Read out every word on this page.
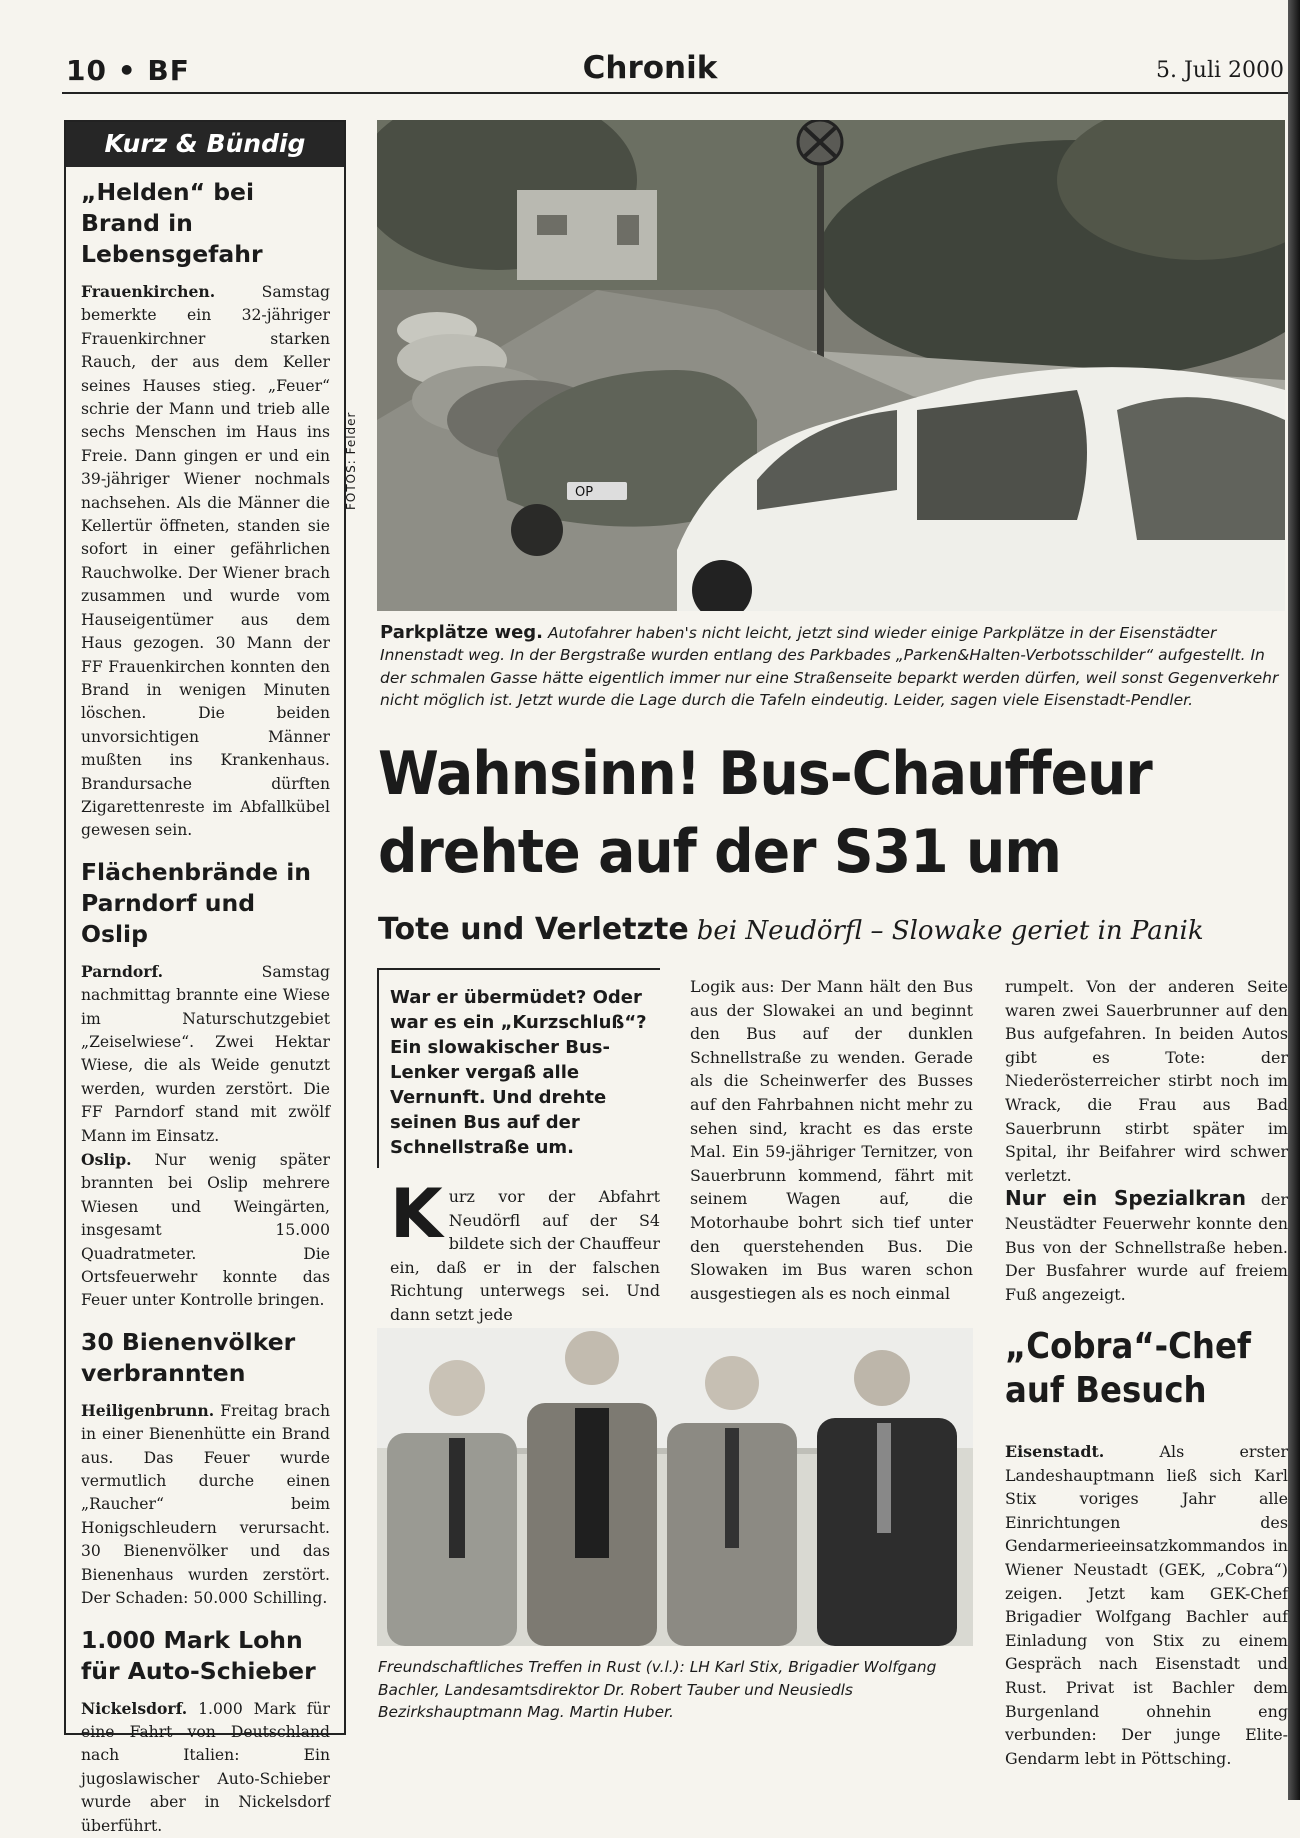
10 • BF	Chronik	5. Juli 2000
Kurz & Bündig
„Helden“ bei Brand in Lebensgefahr

Frauenkirchen. Samstag bemerkte ein 32-jähriger Frauenkirchner starken Rauch, der aus dem Keller seines Hauses stieg. „Feuer“ schrie der Mann und trieb alle sechs Menschen im Haus ins Freie. Dann gingen er und ein 39-jähriger Wiener nochmals nachsehen. Als die Männer die Kellertür öffneten, standen sie sofort in einer gefährlichen Rauchwolke. Der Wiener brach zusammen und wurde vom Hauseigentümer aus dem Haus gezogen. 30 Mann der FF Frauenkirchen konnten den Brand in wenigen Minuten löschen. Die beiden unvorsichtigen Männer mußten ins Krankenhaus. Brandursache dürften Zigarettenreste im Abfallkübel gewesen sein.

Flächenbrände in Parndorf und Oslip

Parndorf. Samstag nachmittag brannte eine Wiese im Naturschutzgebiet „Zeiselwiese“. Zwei Hektar Wiese, die als Weide genutzt werden, wurden zerstört. Die FF Parndorf stand mit zwölf Mann im Einsatz.
Oslip. Nur wenig später brannten bei Oslip mehrere Wiesen und Weingärten, insgesamt 15.000 Quadratmeter. Die Ortsfeuerwehr konnte das Feuer unter Kontrolle bringen.

30 Bienenvölker verbrannten

Heiligenbrunn. Freitag brach in einer Bienenhütte ein Brand aus. Das Feuer wurde vermutlich durche einen „Raucher“ beim Honigschleudern verursacht. 30 Bienenvölker und das Bienenhaus wurden zerstört. Der Schaden: 50.000 Schilling.

1.000 Mark Lohn für Auto-Schieber

Nickelsdorf. 1.000 Mark für eine Fahrt von Deutschland nach Italien: Ein jugoslawischer Auto-Schieber wurde aber in Nickelsdorf überführt.

OP
FOTOS: Felder
Parkplätze weg. Autofahrer haben's nicht leicht, jetzt sind wieder einige Parkplätze in der Eisenstädter Innenstadt weg. In der Bergstraße wurden entlang des Parkbades „Parken&Halten-Verbotsschilder“ aufgestellt. In der schmalen Gasse hätte eigentlich immer nur eine Straßenseite beparkt werden dürfen, weil sonst Gegenverkehr nicht möglich ist. Jetzt wurde die Lage durch die Tafeln eindeutig. Leider, sagen viele Eisenstadt-Pendler.
Wahnsinn! Bus-Chauffeur
drehte auf der S31 um
Tote und Verletzte bei Neudörfl – Slowake geriet in Panik
War er übermüdet? Oder war es ein „Kurzschluß“? Ein slowakischer Bus-Lenker vergaß alle Vernunft. Und drehte seinen Bus auf der Schnellstraße um.

Kurz vor der Abfahrt Neudörfl auf der S4 bildete sich der Chauffeur ein, daß er in der falschen Richtung unterwegs sei. Und dann setzt jede

Logik aus: Der Mann hält den Bus aus der Slowakei an und beginnt den Bus auf der dunklen Schnellstraße zu wenden. Gerade als die Scheinwerfer des Busses auf den Fahrbahnen nicht mehr zu sehen sind, kracht es das erste Mal. Ein 59-jähriger Ternitzer, von Sauerbrunn kommend, fährt mit seinem Wagen auf, die Motorhaube bohrt sich tief unter den querstehenden Bus. Die Slowaken im Bus waren schon ausgestiegen als es noch einmal

rumpelt. Von der anderen Seite waren zwei Sauerbrunner auf den Bus aufgefahren. In beiden Autos gibt es Tote: der Niederösterreicher stirbt noch im Wrack, die Frau aus Bad Sauerbrunn stirbt später im Spital, ihr Beifahrer wird schwer verletzt.
Nur ein Spezialkran der Neustädter Feuerwehr konnte den Bus von der Schnellstraße heben. Der Busfahrer wurde auf freiem Fuß angezeigt.

Freundschaftliches Treffen in Rust (v.l.): LH Karl Stix, Brigadier Wolfgang Bachler, Landesamtsdirektor Dr. Robert Tauber und Neusiedls Bezirkshauptmann Mag. Martin Huber.
„Cobra“-Chef auf Besuch

Eisenstadt. Als erster Landeshauptmann ließ sich Karl Stix voriges Jahr alle Einrichtungen des Gendarmerieeinsatzkommandos in Wiener Neustadt (GEK, „Cobra“) zeigen. Jetzt kam GEK-Chef Brigadier Wolfgang Bachler auf Einladung von Stix zu einem Gespräch nach Eisenstadt und Rust. Privat ist Bachler dem Burgenland ohnehin eng verbunden: Der junge Elite-Gendarm lebt in Pöttsching.
